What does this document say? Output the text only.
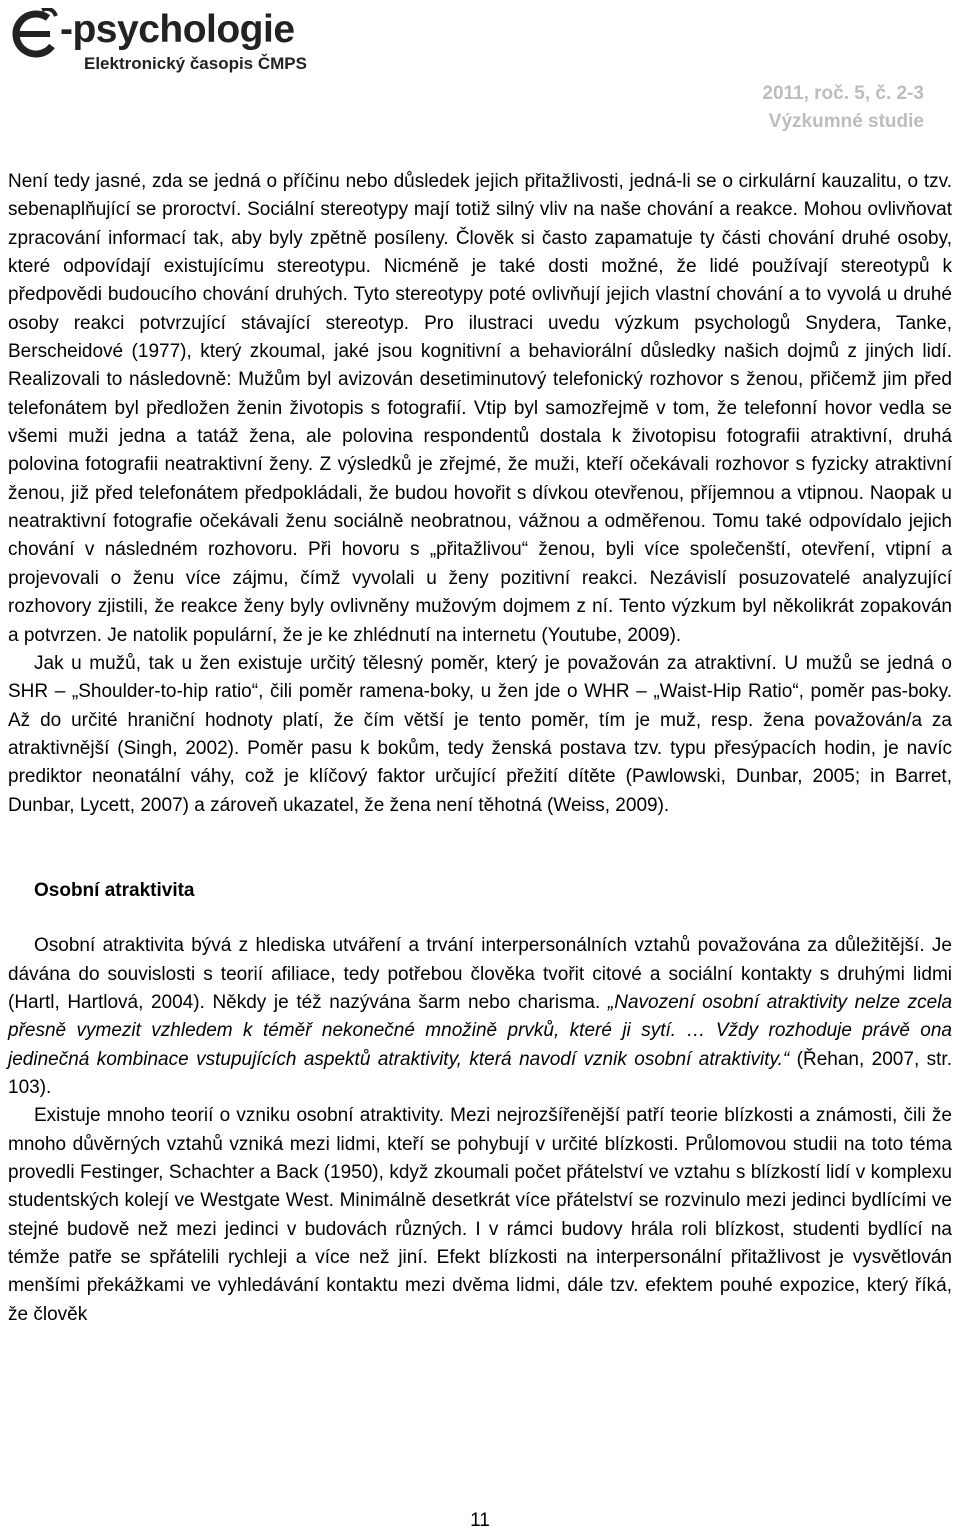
-psychologie
Elektronický časopis ČMPS
2011, roč. 5, č. 2-3
Výzkumné studie

Není tedy jasné, zda se jedná o příčinu nebo důsledek jejich přitažlivosti, jedná-li se o cirkulární kauzalitu, o tzv. sebenaplňující se proroctví. Sociální stereotypy mají totiž silný vliv na naše chování a reakce. Mohou ovlivňovat zpracování informací tak, aby byly zpětně posíleny. Člověk si často zapamatuje ty části chování druhé osoby, které odpovídají existujícímu stereotypu. Nicméně je také dosti možné, že lidé používají stereotypů k předpovědi budoucího chování druhých. Tyto stereotypy poté ovlivňují jejich vlastní chování a to vyvolá u druhé osoby reakci potvrzující stávající stereotyp. Pro ilustraci uvedu výzkum psychologů Snydera, Tanke, Berscheidové (1977), který zkoumal, jaké jsou kognitivní a behaviorální důsledky našich dojmů z jiných lidí. Realizovali to následovně: Mužům byl avizován desetiminutový telefonický rozhovor s ženou, přičemž jim před telefonátem byl předložen ženin životopis s fotografií. Vtip byl samozřejmě v tom, že telefonní hovor vedla se všemi muži jedna a tatáž žena, ale polovina respondentů dostala k životopisu fotografii atraktivní, druhá polovina fotografii neatraktivní ženy. Z výsledků je zřejmé, že muži, kteří očekávali rozhovor s fyzicky atraktivní ženou, již před telefonátem předpokládali, že budou hovořit s dívkou otevřenou, příjemnou a vtipnou. Naopak u neatraktivní fotografie očekávali ženu sociálně neobratnou, vážnou a odměřenou. Tomu také odpovídalo jejich chování v následném rozhovoru. Při hovoru s „přitažlivou“ ženou, byli více společenští, otevření, vtipní a projevovali o ženu více zájmu, čímž vyvolali u ženy pozitivní reakci. Nezávislí posuzovatelé analyzující rozhovory zjistili, že reakce ženy byly ovlivněny mužovým dojmem z ní. Tento výzkum byl několikrát zopakován a potvrzen. Je natolik populární, že je ke zhlédnutí na internetu (Youtube, 2009).

Jak u mužů, tak u žen existuje určitý tělesný poměr, který je považován za atraktivní. U mužů se jedná o SHR – „Shoulder-to-hip ratio“, čili poměr ramena-boky, u žen jde o WHR – „Waist-Hip Ratio“, poměr pas-boky. Až do určité hraniční hodnoty platí, že čím větší je tento poměr, tím je muž, resp. žena považován/a za atraktivnější (Singh, 2002). Poměr pasu k bokům, tedy ženská postava tzv. typu přesýpacích hodin, je navíc prediktor neonatální váhy, což je klíčový faktor určující přežití dítěte (Pawlowski, Dunbar, 2005; in Barret, Dunbar, Lycett, 2007) a zároveň ukazatel, že žena není těhotná (Weiss, 2009).

Osobní atraktivita

Osobní atraktivita bývá z hlediska utváření a trvání interpersonálních vztahů považována za důležitější. Je dávána do souvislosti s teorií afiliace, tedy potřebou člověka tvořit citové a sociální kontakty s druhými lidmi (Hartl, Hartlová, 2004). Někdy je též nazývána šarm nebo charisma. „Navození osobní atraktivity nelze zcela přesně vymezit vzhledem k téměř nekonečné množině prvků, které ji sytí. … Vždy rozhoduje právě ona jedinečná kombinace vstupujících aspektů atraktivity, která navodí vznik osobní atraktivity.“ (Řehan, 2007, str. 103).

Existuje mnoho teorií o vzniku osobní atraktivity. Mezi nejrozšířenější patří teorie blízkosti a známosti, čili že mnoho důvěrných vztahů vzniká mezi lidmi, kteří se pohybují v určité blízkosti. Průlomovou studii na toto téma provedli Festinger, Schachter a Back (1950), když zkoumali počet přátelství ve vztahu s blízkostí lidí v komplexu studentských kolejí ve Westgate West. Minimálně desetkrát více přátelství se rozvinulo mezi jedinci bydlícími ve stejné budově než mezi jedinci v budovách různých. I v rámci budovy hrála roli blízkost, studenti bydlící na témže patře se spřátelili rychleji a více než jiní. Efekt blízkosti na interpersonální přitažlivost je vysvětlován menšími překážkami ve vyhledávání kontaktu mezi dvěma lidmi, dále tzv. efektem pouhé expozice, který říká, že člověk

11
